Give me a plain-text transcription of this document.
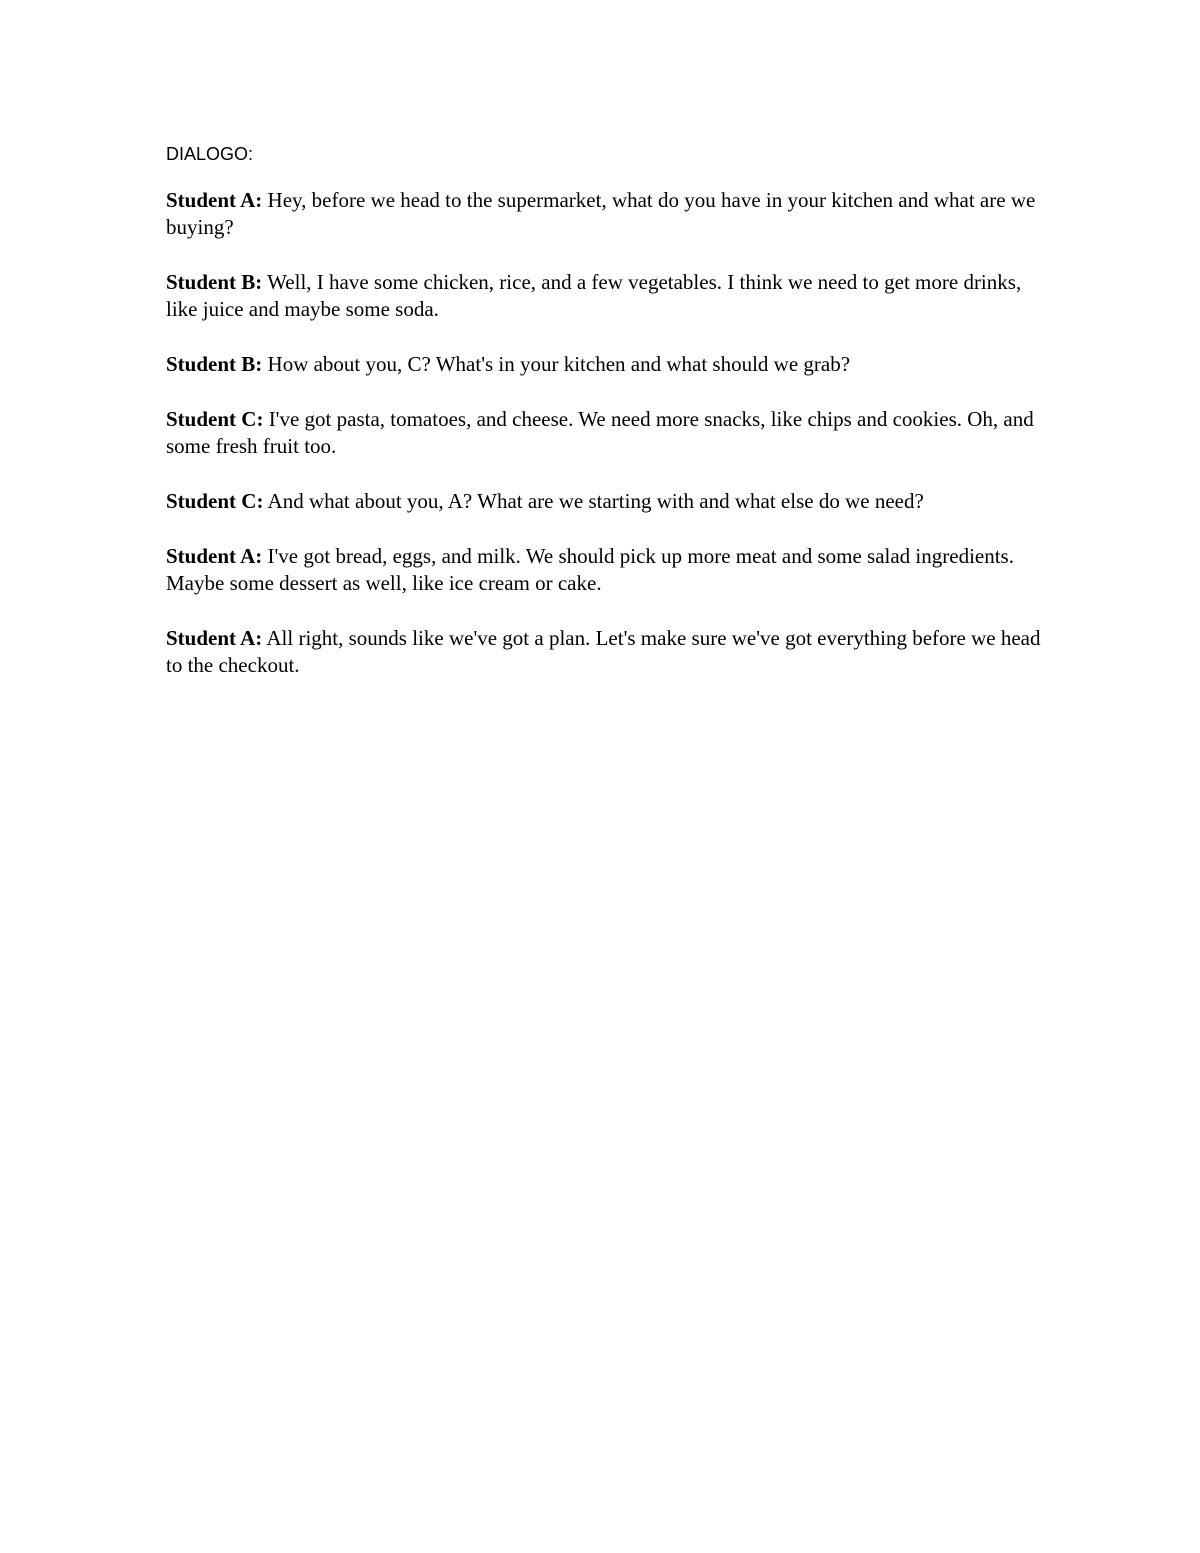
DIALOGO:

Student A: Hey, before we head to the supermarket, what do you have in your kitchen and what are we buying?

Student B: Well, I have some chicken, rice, and a few vegetables. I think we need to get more drinks, like juice and maybe some soda.

Student B: How about you, C? What's in your kitchen and what should we grab?

Student C: I've got pasta, tomatoes, and cheese. We need more snacks, like chips and cookies. Oh, and some fresh fruit too.

Student C: And what about you, A? What are we starting with and what else do we need?

Student A: I've got bread, eggs, and milk. We should pick up more meat and some salad ingredients. Maybe some dessert as well, like ice cream or cake.

Student A: All right, sounds like we've got a plan. Let's make sure we've got everything before we head to the checkout.
